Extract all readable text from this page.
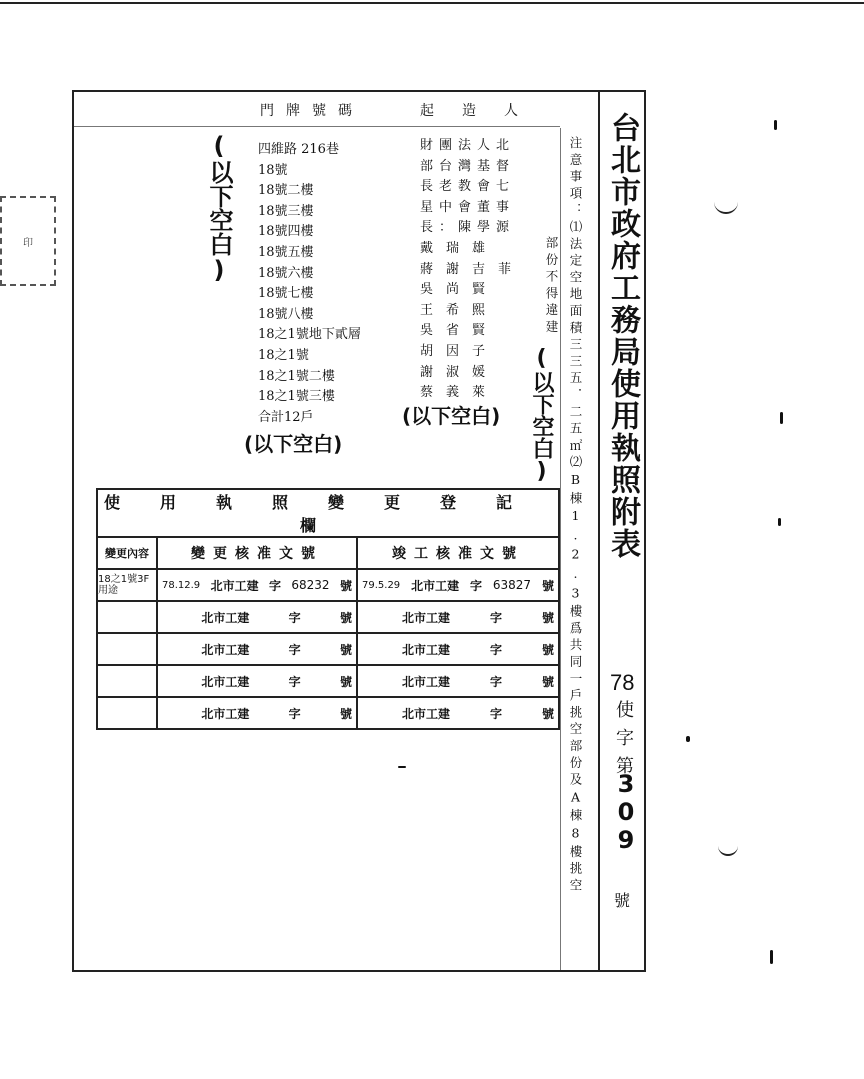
印
門牌號碼	起造人
四維路 216巷
18號
18號二樓
18號三樓
18號四樓
18號五樓
18號六樓
18號七樓
18號八樓
18之1號地下貳層
18之1號
18之1號二樓
18之1號三樓
合計12戶
財團法人北
部台灣基督
長老教會七
星中會董事
長：陳學源
戴　瑞　雄
蔣　謝　吉　菲
吳　尚　賢
王　希　熙
吳　省　賢
胡　因　子
謝　淑　媛
蔡　義　萊
(以下空白)
(以下空白)
(以下空白) (以下空白) 注意事項：⑴法定空地面積三三五．二五㎡⑵B棟1.2.3樓爲共同一戶挑空部份及A棟8樓挑空
部份不得違建 台北市政府工務局使用執照附表
78
使字第
309
號
使用執照變更登記欄		
變更內容	變更核准文號	竣工核准文號
18之1號3F 用途	78.12.9 北市工建 字 68232 號	79.5.29 北市工建 字 63827 號

	北市工建 字 號	北市工建 字 號

	北市工建 字 號	北市工建 字 號

	北市工建 字 號	北市工建 字 號

	北市工建 字 號	北市工建 字 號
